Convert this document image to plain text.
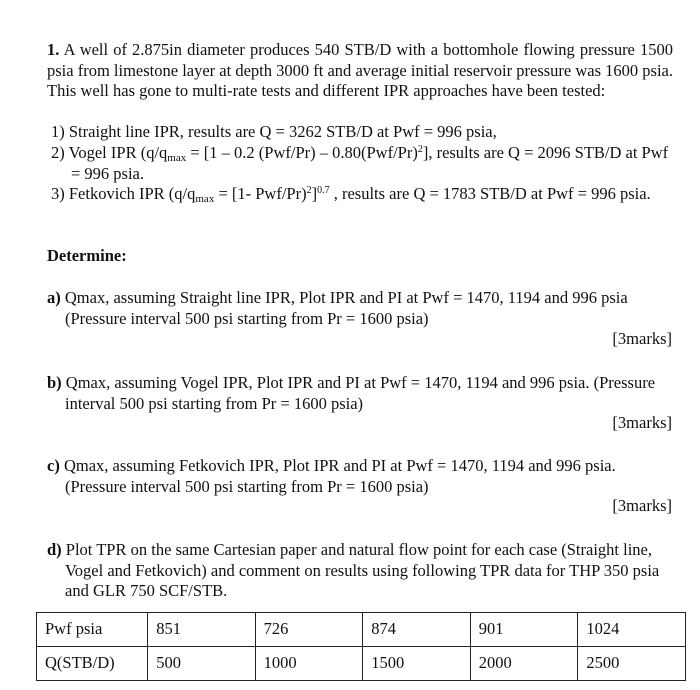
1. A well of 2.875in diameter produces 540 STB/D with a bottomhole flowing pressure 1500 psia from limestone layer at depth 3000 ft and average initial reservoir pressure was 1600 psia. This well has gone to multi-rate tests and different IPR approaches have been tested:
1) Straight line IPR, results are Q = 3262 STB/D at Pwf = 996 psia,
2) Vogel IPR ($q/q_{max} = [1 - 0.2$ $(Pwf/Pr) - 0.80(Pwf/Pr)^2$], results are Q = 2096 STB/D at Pwf = 996 psia.
3) Fetkovich IPR ($q/q_{max} = [1-$ Pwf/Pr)$^2$]$^{0.7}$ , results are Q = 1783 STB/D at Pwf = 996 psia.
Determine:
a) Qmax, assuming Straight line IPR, Plot IPR and PI at Pwf = 1470, 1194 and 996 psia (Pressure interval 500 psi starting from Pr = 1600 psia)
[3marks]
b) Qmax, assuming Vogel IPR, Plot IPR and PI at Pwf = 1470, 1194 and 996 psia. (Pressure interval 500 psi starting from Pr = 1600 psia)
[3marks]
c) Qmax, assuming Fetkovich IPR, Plot IPR and PI at Pwf = 1470, 1194 and 996 psia. (Pressure interval 500 psi starting from Pr = 1600 psia)
[3marks]
d) Plot TPR on the same Cartesian paper and natural flow point for each case (Straight line, Vogel and Fetkovich) and comment on results using following TPR data for THP 350 psia and GLR 750 SCF/STB.
Pwf psia	851	726	874	901	1024
Q(STB/D)	500	1000	1500	2000	2500
